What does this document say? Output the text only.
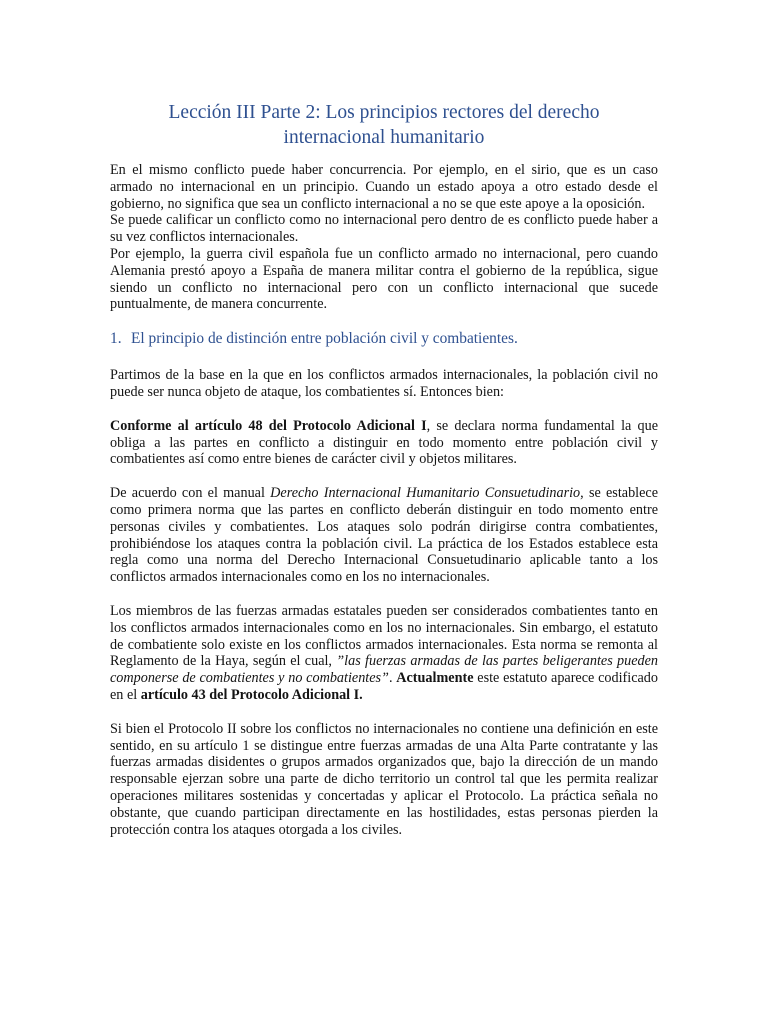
Lección III Parte 2: Los principios rectores del derecho
internacional humanitario

En el mismo conflicto puede haber concurrencia. Por ejemplo, en el sirio, que es un caso armado no internacional en un principio. Cuando un estado apoya a otro estado desde el gobierno, no significa que sea un conflicto internacional a no se que este apoye a la oposición.

Se puede calificar un conflicto como no internacional pero dentro de es conflicto puede haber a su vez conflictos internacionales.

Por ejemplo, la guerra civil española fue un conflicto armado no internacional, pero cuando Alemania prestó apoyo a España de manera militar contra el gobierno de la república, sigue siendo un conflicto no internacional pero con un conflicto internacional que sucede puntualmente, de manera concurrente.

1. El principio de distinción entre población civil y combatientes.

Partimos de la base en la que en los conflictos armados internacionales, la población civil no puede ser nunca objeto de ataque, los combatientes sí. Entonces bien:

Conforme al artículo 48 del Protocolo Adicional I, se declara norma fundamental la que obliga a las partes en conflicto a distinguir en todo momento entre población civil y combatientes así como entre bienes de carácter civil y objetos militares.

De acuerdo con el manual Derecho Internacional Humanitario Consuetudinario, se establece como primera norma que las partes en conflicto deberán distinguir en todo momento entre personas civiles y combatientes. Los ataques solo podrán dirigirse contra combatientes, prohibiéndose los ataques contra la población civil. La práctica de los Estados establece esta regla como una norma del Derecho Internacional Consuetudinario aplicable tanto a los conflictos armados internacionales como en los no internacionales.

Los miembros de las fuerzas armadas estatales pueden ser considerados combatientes tanto en los conflictos armados internacionales como en los no internacionales. Sin embargo, el estatuto de combatiente solo existe en los conflictos armados internacionales. Esta norma se remonta al Reglamento de la Haya, según el cual, ”las fuerzas armadas de las partes beligerantes pueden componerse de combatientes y no combatientes”. Actualmente este estatuto aparece codificado en el artículo 43 del Protocolo Adicional I.

Si bien el Protocolo II sobre los conflictos no internacionales no contiene una definición en este sentido, en su artículo 1 se distingue entre fuerzas armadas de una Alta Parte contratante y las fuerzas armadas disidentes o grupos armados organizados que, bajo la dirección de un mando responsable ejerzan sobre una parte de dicho territorio un control tal que les permita realizar operaciones militares sostenidas y concertadas y aplicar el Protocolo. La práctica señala no obstante, que cuando participan directamente en las hostilidades, estas personas pierden la protección contra los ataques otorgada a los civiles.
